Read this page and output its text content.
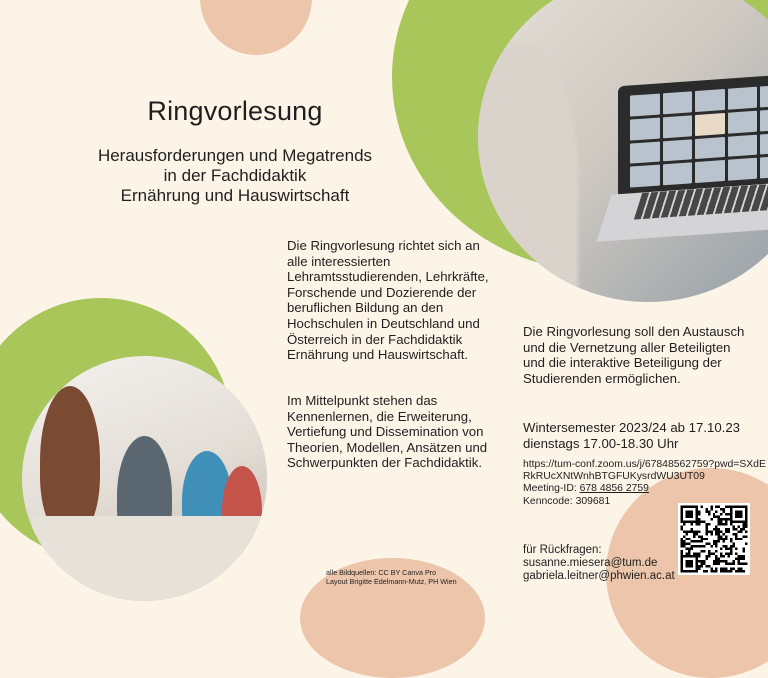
Ringvorlesung
Herausforderungen und Megatrends
in der Fachdidaktik
Ernährung und Hauswirtschaft
Die Ringvorlesung richtet sich an alle interessierten Lehramtsstudierenden, Lehrkräfte, Forschende und Dozierende der beruflichen Bildung an den Hochschulen in Deutschland und Österreich in der Fachdidaktik Ernährung und Hauswirtschaft.
Im Mittelpunkt stehen das Kennenlernen, die Erweiterung, Vertiefung und Dissemination von Theorien, Modellen, Ansätzen und Schwerpunkten der Fachdidaktik.
Die Ringvorlesung soll den Austausch und die Vernetzung aller Beteiligten und die interaktive Beteiligung der Studierenden ermöglichen.
Wintersemester 2023/24 ab 17.10.23
dienstags 17.00-18.30 Uhr
https://tum-conf.zoom.us/j/67848562759?pwd=SXdERkRUcXNtWnhBTGFUKysrdWU3UT09
Meeting-ID: 678 4856 2759
Kenncode: 309681
für Rückfragen:
susanne.miesera@tum.de
gabriela.leitner@phwien.ac.at
alle Bildquellen: CC BY Canva Pro
Layout Brigitte Edelmann-Mutz, PH Wien
